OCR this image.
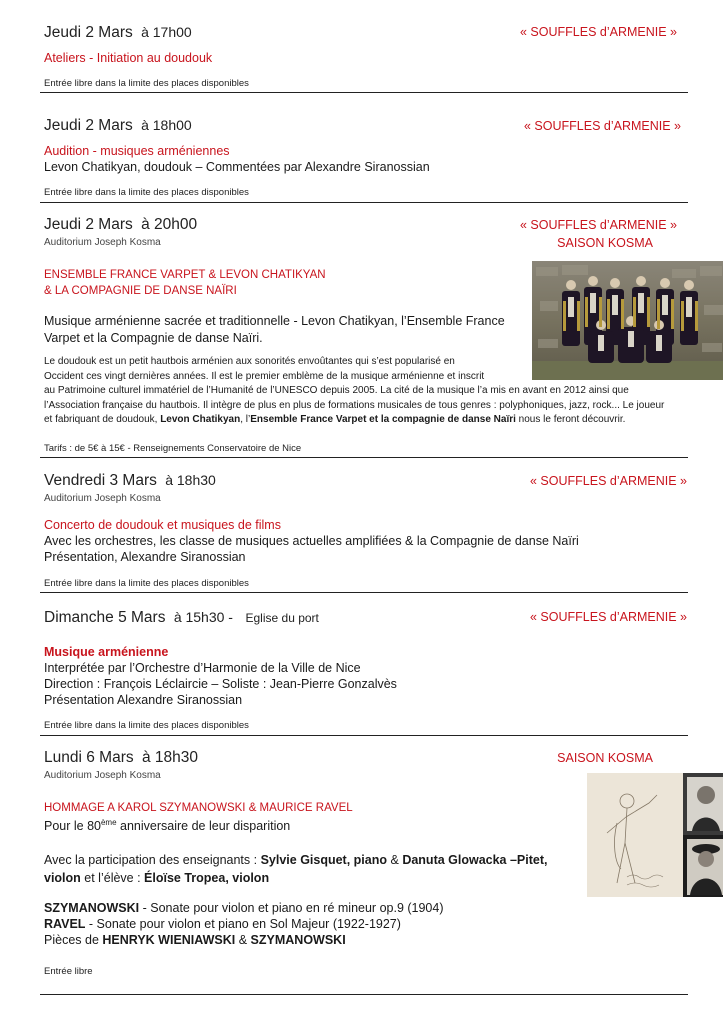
Jeudi 2 Mars à 17h00	« SOUFFLES d’ARMENIE »
Ateliers - Initiation au doudouk
Entrée libre dans la limite des places disponibles
Jeudi 2 Mars à 18h00	« SOUFFLES d’ARMENIE »
Audition - musiques arméniennes
Levon Chatikyan, doudouk – Commentées par Alexandre Siranossian
Entrée libre dans la limite des places disponibles
Jeudi 2 Mars à 20h00
Auditorium Joseph Kosma
« SOUFFLES d’ARMENIE »
SAISON KOSMA
ENSEMBLE FRANCE VARPET & LEVON CHATIKYAN
& LA COMPAGNIE DE DANSE NAÏRI
Musique arménienne sacrée et traditionnelle - Levon Chatikyan, l’Ensemble France
Varpet et la Compagnie de danse Naïri.
Le doudouk est un petit hautbois arménien aux sonorités envoûtantes qui s’est popularisé en
Occident ces vingt dernières années. Il est le premier emblème de la musique arménienne et inscrit
au Patrimoine culturel immatériel de l’Humanité de l’UNESCO depuis 2005. La cité de la musique l’a mis en avant en 2012 ainsi que
l’Association française du hautbois. Il intègre de plus en plus de formations musicales de tous genres : polyphoniques, jazz, rock... Le joueur
et fabriquant de doudouk, Levon Chatikyan, l’Ensemble France Varpet et la compagnie de danse Naïri nous le feront découvrir.
Tarifs : de 5€ à 15€ - Renseignements Conservatoire de Nice
Vendredi 3 Mars à 18h30
Auditorium Joseph Kosma
« SOUFFLES d’ARMENIE »
Concerto de doudouk et musiques de films
Avec les orchestres, les classe de musiques actuelles amplifiées & la Compagnie de danse Naïri
Présentation, Alexandre Siranossian
Entrée libre dans la limite des places disponibles
Dimanche 5 Mars à 15h30 - Eglise du port	« SOUFFLES d’ARMENIE »
Musique arménienne
Interprétée par l’Orchestre d’Harmonie de la Ville de Nice
Direction : François Léclaircie – Soliste : Jean-Pierre Gonzalvès
Présentation Alexandre Siranossian
Entrée libre dans la limite des places disponibles
Lundi 6 Mars à 18h30
Auditorium Joseph Kosma
SAISON KOSMA
HOMMAGE A KAROL SZYMANOWSKI & MAURICE RAVEL
Pour le 80ème anniversaire de leur disparition
Avec la participation des enseignants : Sylvie Gisquet, piano & Danuta Glowacka –Pitet,
violon et l’élève : Éloïse Tropea, violon
SZYMANOWSKI - Sonate pour violon et piano en ré mineur op.9 (1904)
RAVEL - Sonate pour violon et piano en Sol Majeur (1922-1927)
Pièces de HENRYK WIENIAWSKI & SZYMANOWSKI
Entrée libre
